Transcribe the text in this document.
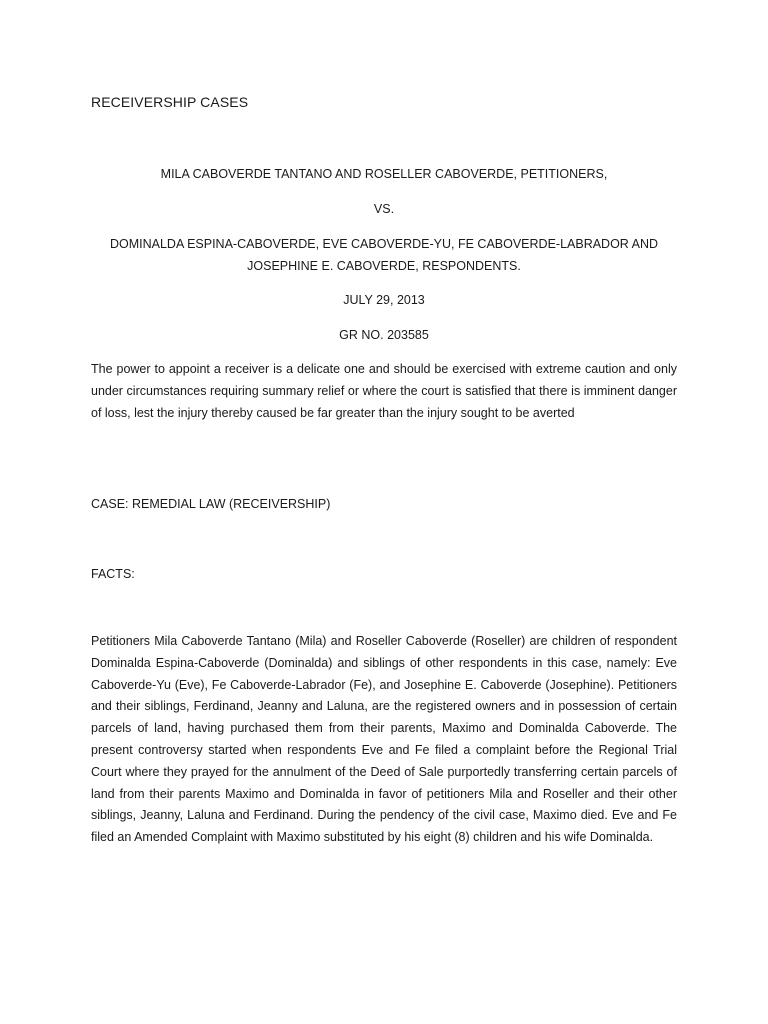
RECEIVERSHIP CASES
MILA CABOVERDE TANTANO AND ROSELLER CABOVERDE, PETITIONERS,
VS.
DOMINALDA ESPINA-CABOVERDE, EVE CABOVERDE-YU, FE CABOVERDE-LABRADOR AND JOSEPHINE E. CABOVERDE, RESPONDENTS.
JULY 29, 2013
GR NO. 203585
The power to appoint a receiver is a delicate one and should be exercised with extreme caution and only under circumstances requiring summary relief or where the court is satisfied that there is imminent danger of loss, lest the injury thereby caused be far greater than the injury sought to be averted
CASE: REMEDIAL LAW (RECEIVERSHIP)
FACTS:
Petitioners Mila Caboverde Tantano (Mila) and Roseller Caboverde (Roseller) are children of respondent Dominalda Espina-Caboverde (Dominalda) and siblings of other respondents in this case, namely: Eve Caboverde-Yu (Eve), Fe Caboverde-Labrador (Fe), and Josephine E. Caboverde (Josephine). Petitioners and their siblings, Ferdinand, Jeanny and Laluna, are the registered owners and in possession of certain parcels of land, having purchased them from their parents, Maximo and Dominalda Caboverde. The present controversy started when respondents Eve and Fe filed a complaint before the Regional Trial Court where they prayed for the annulment of the Deed of Sale purportedly transferring certain parcels of land from their parents Maximo and Dominalda in favor of petitioners Mila and Roseller and their other siblings, Jeanny, Laluna and Ferdinand. During the pendency of the civil case, Maximo died. Eve and Fe filed an Amended Complaint with Maximo substituted by his eight (8) children and his wife Dominalda.
